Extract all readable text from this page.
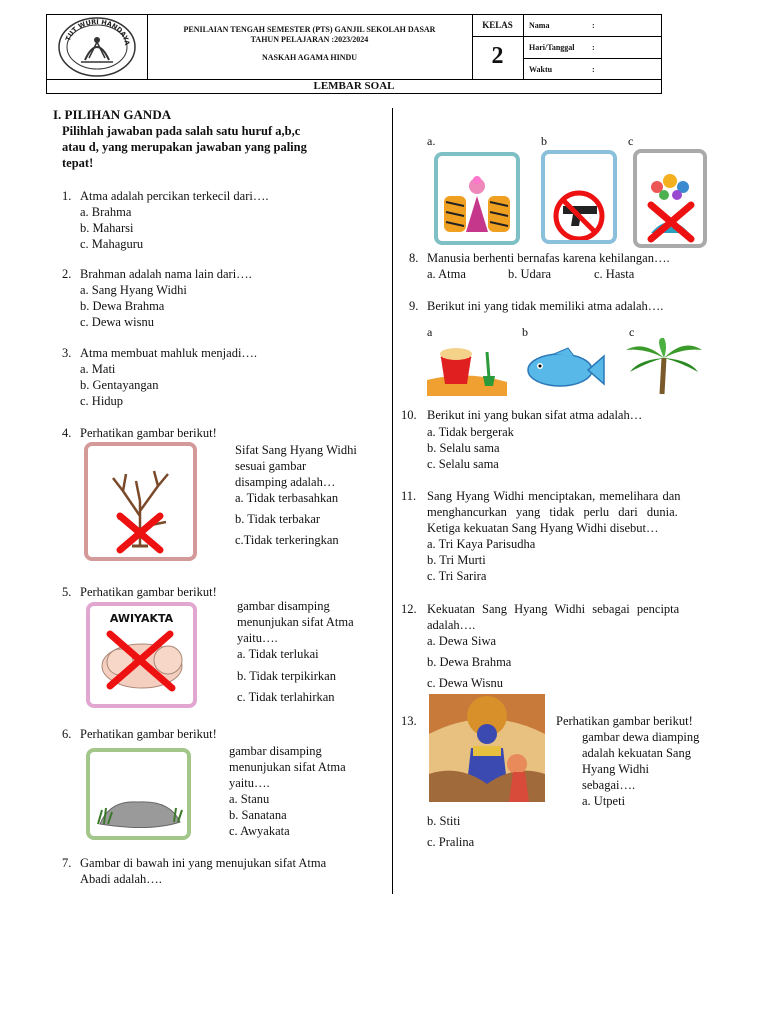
TUT WURI HANDAYA
PENILAIAN TENGAH SEMESTER (PTS) GANJIL SEKOLAH DASAR
TAHUN PELAJARAN :2023/2024
NASKAH AGAMA HINDU
KELAS
2
Nama	:
Hari/Tanggal :
Waktu	:
LEMBAR SOAL
I. PILIHAN GANDA
Pilihlah jawaban pada salah satu huruf a,b,c
atau d, yang merupakan jawaban yang paling
tepat!
1. Atma adalah percikan terkecil dari….
a. Brahma
b. Maharsi
c. Mahaguru
2. Brahman adalah nama lain dari….
a. Sang Hyang Widhi
b. Dewa Brahma
c. Dewa wisnu
3. Atma membuat mahluk menjadi….
a. Mati
b. Gentayangan
c. Hidup
4. Perhatikan gambar berikut!
Sifat Sang Hyang Widhi
sesuai gambar
disamping adalah…
a. Tidak terbasahkan
b. Tidak terbakar
c.Tidak terkeringkan
5. Perhatikan gambar berikut!
AWIYAKTA
gambar disamping
menunjukan sifat Atma
yaitu….
a. Tidak terlukai
b. Tidak terpikirkan
c. Tidak terlahirkan
6. Perhatikan gambar berikut!
gambar disamping
menunjukan sifat Atma
yaitu….
a. Stanu
b. Sanatana
c. Awyakata
7. Gambar di bawah ini yang menujukan sifat Atma
Abadi adalah….
a.	b	c
8. Manusia berhenti bernafas karena kehilangan….
a. Atma	b. Udara	c. Hasta
9. Berikut ini yang tidak memiliki atma adalah….
a	b	c
10. Berikut ini yang bukan sifat atma adalah…
a. Tidak bergerak
b. Selalu sama
c. Selalu sama
11. Sang Hyang Widhi menciptakan, memelihara dan
menghancurkan yang tidak perlu dari dunia.
Ketiga kekuatan Sang Hyang Widhi disebut…
a. Tri Kaya Parisudha
b. Tri Murti
c. Tri Sarira
12. Kekuatan Sang Hyang Widhi sebagai pencipta
adalah….
a. Dewa Siwa
b. Dewa Brahma
c. Dewa Wisnu
13.	Perhatikan gambar berikut!
gambar dewa diamping
adalah kekuatan Sang
Hyang Widhi
sebagai….
a. Utpeti
b. Stiti
c. Pralina
